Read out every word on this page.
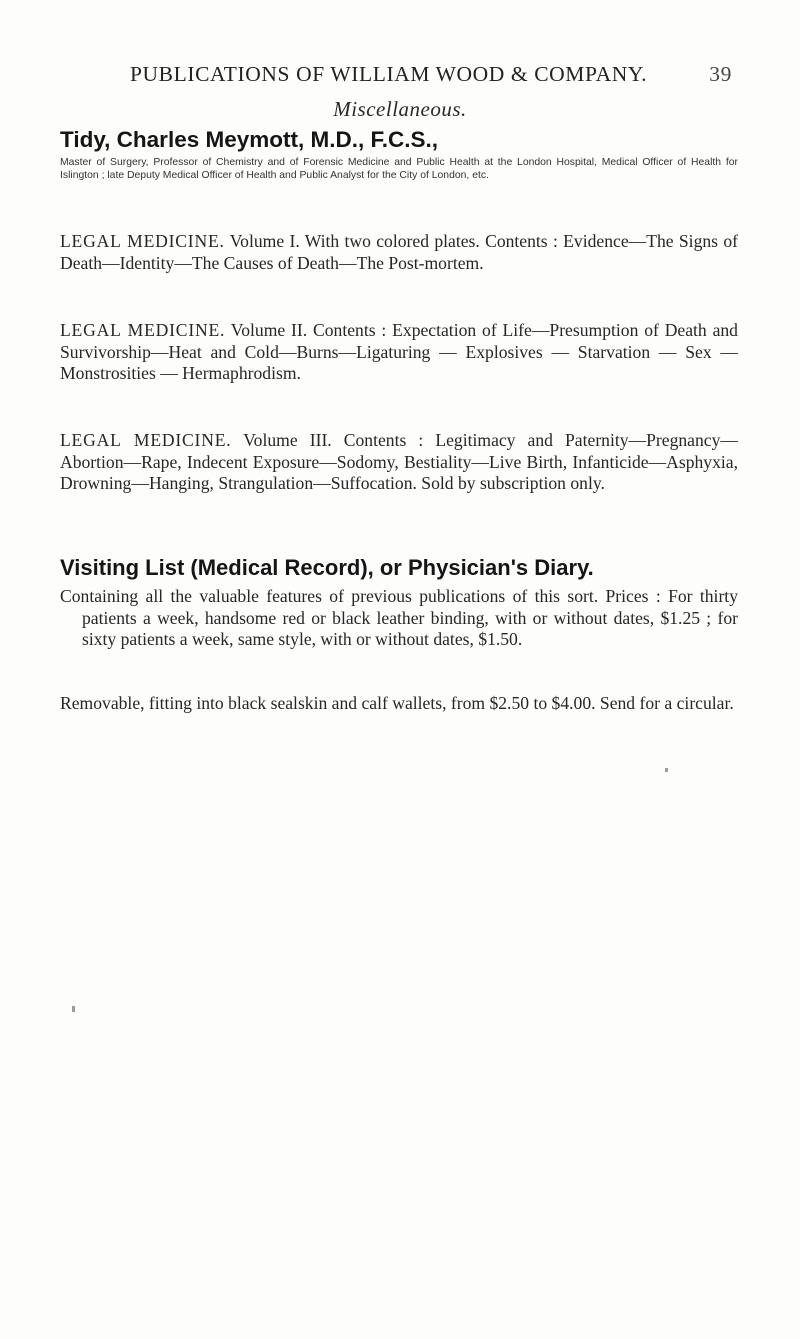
PUBLICATIONS OF WILLIAM WOOD & COMPANY.	39
Miscellaneous.
Tidy, Charles Meymott, M.D., F.C.S.,
Master of Surgery, Professor of Chemistry and of Forensic Medicine and Public Health at the London Hospital, Medical Officer of Health for Islington ; late Deputy Medical Officer of Health and Public Analyst for the City of London, etc.
LEGAL MEDICINE. Volume I. With two colored plates. Contents : Evidence—The Signs of Death—Identity—The Causes of Death—The Post-mortem.
LEGAL MEDICINE. Volume II. Contents : Expectation of Life—Presumption of Death and Survivorship—Heat and Cold—Burns—Ligaturing — Explosives — Starvation — Sex — Monstrosities — Hermaphrodism.
LEGAL MEDICINE. Volume III. Contents : Legitimacy and Paternity—Pregnancy—Abortion—Rape, Indecent Exposure—Sodomy, Bestiality—Live Birth, Infanticide—Asphyxia, Drowning—Hanging, Strangulation—Suffocation. Sold by subscription only.
Visiting List (Medical Record), or Physician's Diary.
Containing all the valuable features of previous publications of this sort. Prices : For thirty patients a week, handsome red or black leather binding, with or without dates, $1.25 ; for sixty patients a week, same style, with or without dates, $1.50.
Removable, fitting into black sealskin and calf wallets, from $2.50 to $4.00. Send for a circular.
